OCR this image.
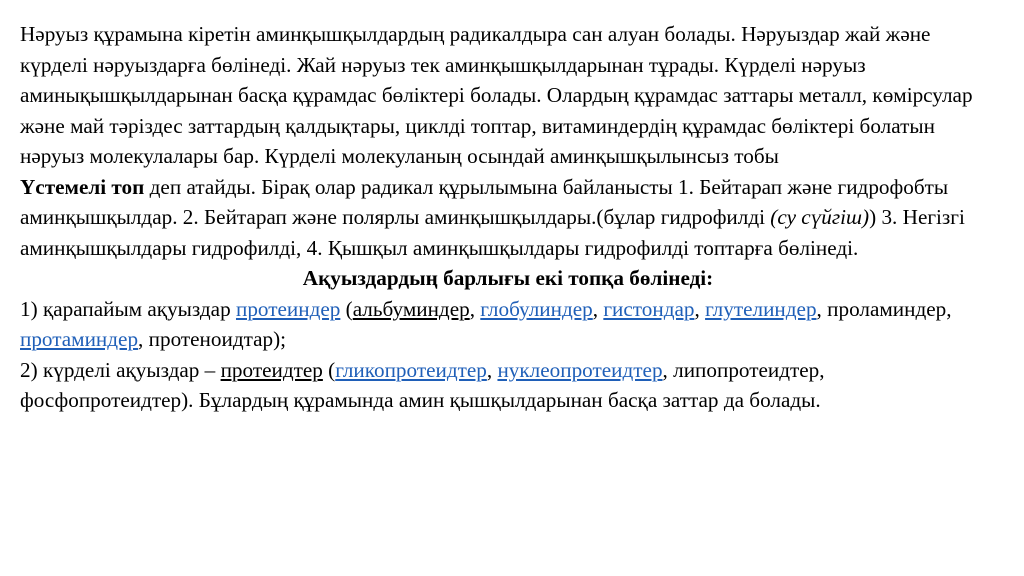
Нәруыз құрамына кіретін аминқышқылдардың радикалдыра сан алуан болады. Нәруыздар жай және күрделі нәруыздарға бөлінеді. Жай нәруыз тек аминқышқылдарынан тұрады. Күрделі нәруыз аминықышқылдарынан басқа құрамдас бөліктері болады. Олардың құрамдас заттары металл, көмірсулар және май тәріздес заттардың қалдықтары, циклді топтар, витаминдердің құрамдас бөліктері болатын нәруыз молекулалары бар. Күрделі молекуланың осындай аминқышқылынсыз тобы
Үстемелі топ деп атайды. Бірақ олар радикал құрылымына байланысты 1. Бейтарап және гидрофобты аминқышқылдар. 2. Бейтарап және полярлы аминқышқылдары.(бұлар гидрофилді (су сүйгіш)) 3. Негізгі аминқышқылдары гидрофилді, 4. Қышқыл аминқышқылдары гидрофилді топтарға бөлінеді.
Ақуыздардың барлығы екі топқа бөлінеді:
1) қарапайым ақуыздар протеиндер (альбуминдер, глобулиндер, гистондар, глутелиндер, проламиндер, протаминдер, протеноидтар);
2) күрделі ақуыздар – протеидтер (гликопротеидтер, нуклеопротеидтер, липопротеидтер, фосфопротеидтер). Бұлардың құрамында амин қышқылдарынан басқа заттар да болады.
